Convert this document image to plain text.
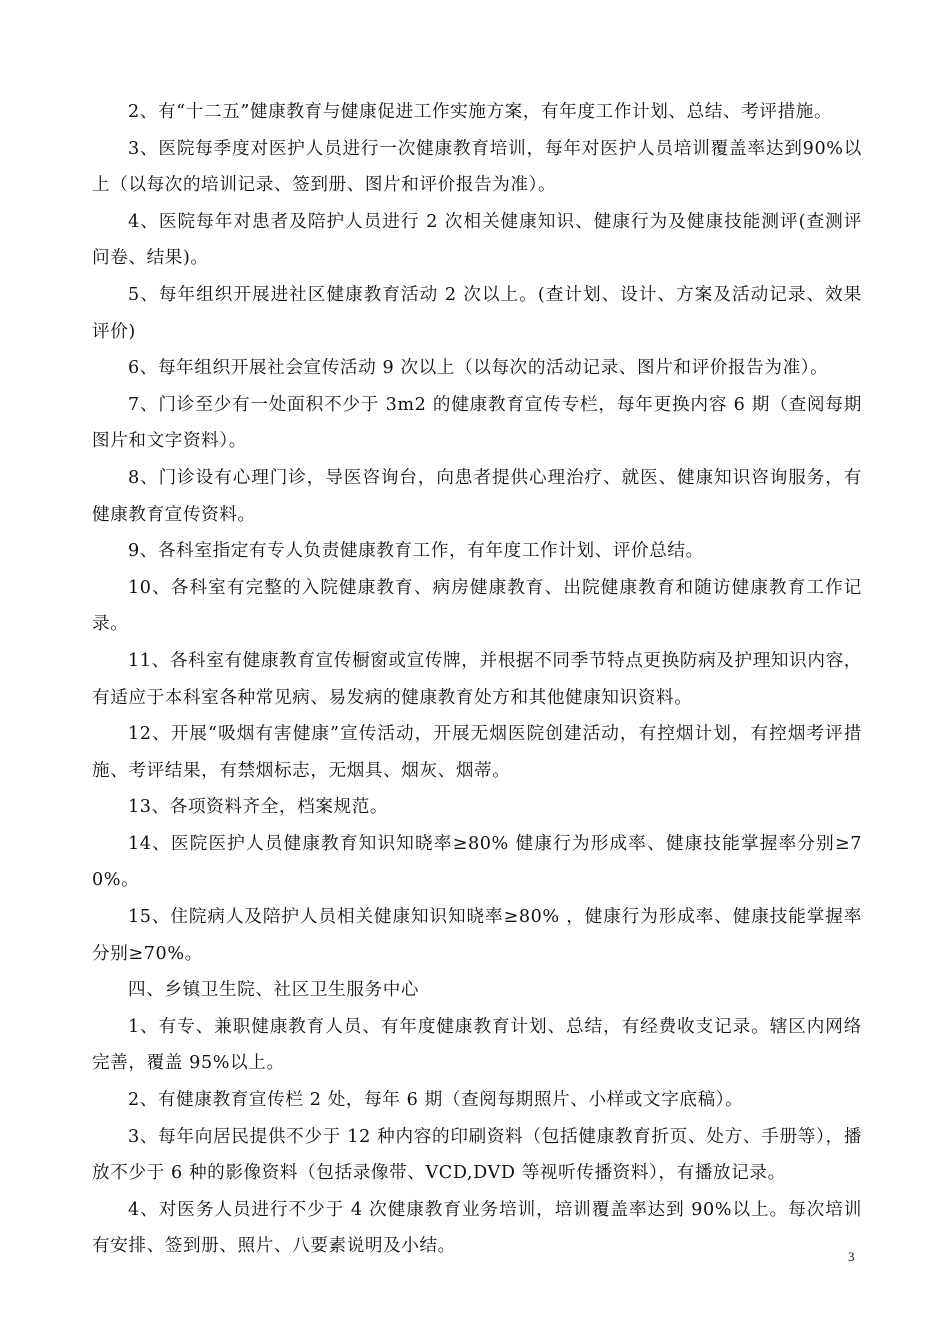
2、有“十二五”健康教育与健康促进工作实施方案，有年度工作计划、总结、考评措施。

3、医院每季度对医护人员进行一次健康教育培训，每年对医护人员培训覆盖率达到90%以上（以每次的培训记录、签到册、图片和评价报告为准）。

4、医院每年对患者及陪护人员进行 2 次相关健康知识、健康行为及健康技能测评(查测评问卷、结果)。

5、每年组织开展进社区健康教育活动 2 次以上。(查计划、设计、方案及活动记录、效果评价)

6、每年组织开展社会宣传活动 9 次以上（以每次的活动记录、图片和评价报告为准）。

7、门诊至少有一处面积不少于 3m2 的健康教育宣传专栏，每年更换内容 6 期（查阅每期图片和文字资料）。

8、门诊设有心理门诊，导医咨询台，向患者提供心理治疗、就医、健康知识咨询服务，有健康教育宣传资料。

9、各科室指定有专人负责健康教育工作，有年度工作计划、评价总结。

10、各科室有完整的入院健康教育、病房健康教育、出院健康教育和随访健康教育工作记录。

11、各科室有健康教育宣传橱窗或宣传牌，并根据不同季节特点更换防病及护理知识内容，有适应于本科室各种常见病、易发病的健康教育处方和其他健康知识资料。

12、开展“吸烟有害健康”宣传活动，开展无烟医院创建活动，有控烟计划，有控烟考评措施、考评结果，有禁烟标志，无烟具、烟灰、烟蒂。

13、各项资料齐全，档案规范。

14、医院医护人员健康教育知识知晓率≥80% 健康行为形成率、健康技能掌握率分别≥70%。

15、住院病人及陪护人员相关健康知识知晓率≥80% ，健康行为形成率、健康技能掌握率分别≥70%。

四、乡镇卫生院、社区卫生服务中心

1、有专、兼职健康教育人员、有年度健康教育计划、总结，有经费收支记录。辖区内网络完善，覆盖 95%以上。

2、有健康教育宣传栏 2 处，每年 6 期（查阅每期照片、小样或文字底稿）。

3、每年向居民提供不少于 12 种内容的印刷资料（包括健康教育折页、处方、手册等），播放不少于 6 种的影像资料（包括录像带、VCD,DVD 等视听传播资料），有播放记录。

4、对医务人员进行不少于 4 次健康教育业务培训，培训覆盖率达到 90%以上。每次培训有安排、签到册、照片、八要素说明及小结。

3
